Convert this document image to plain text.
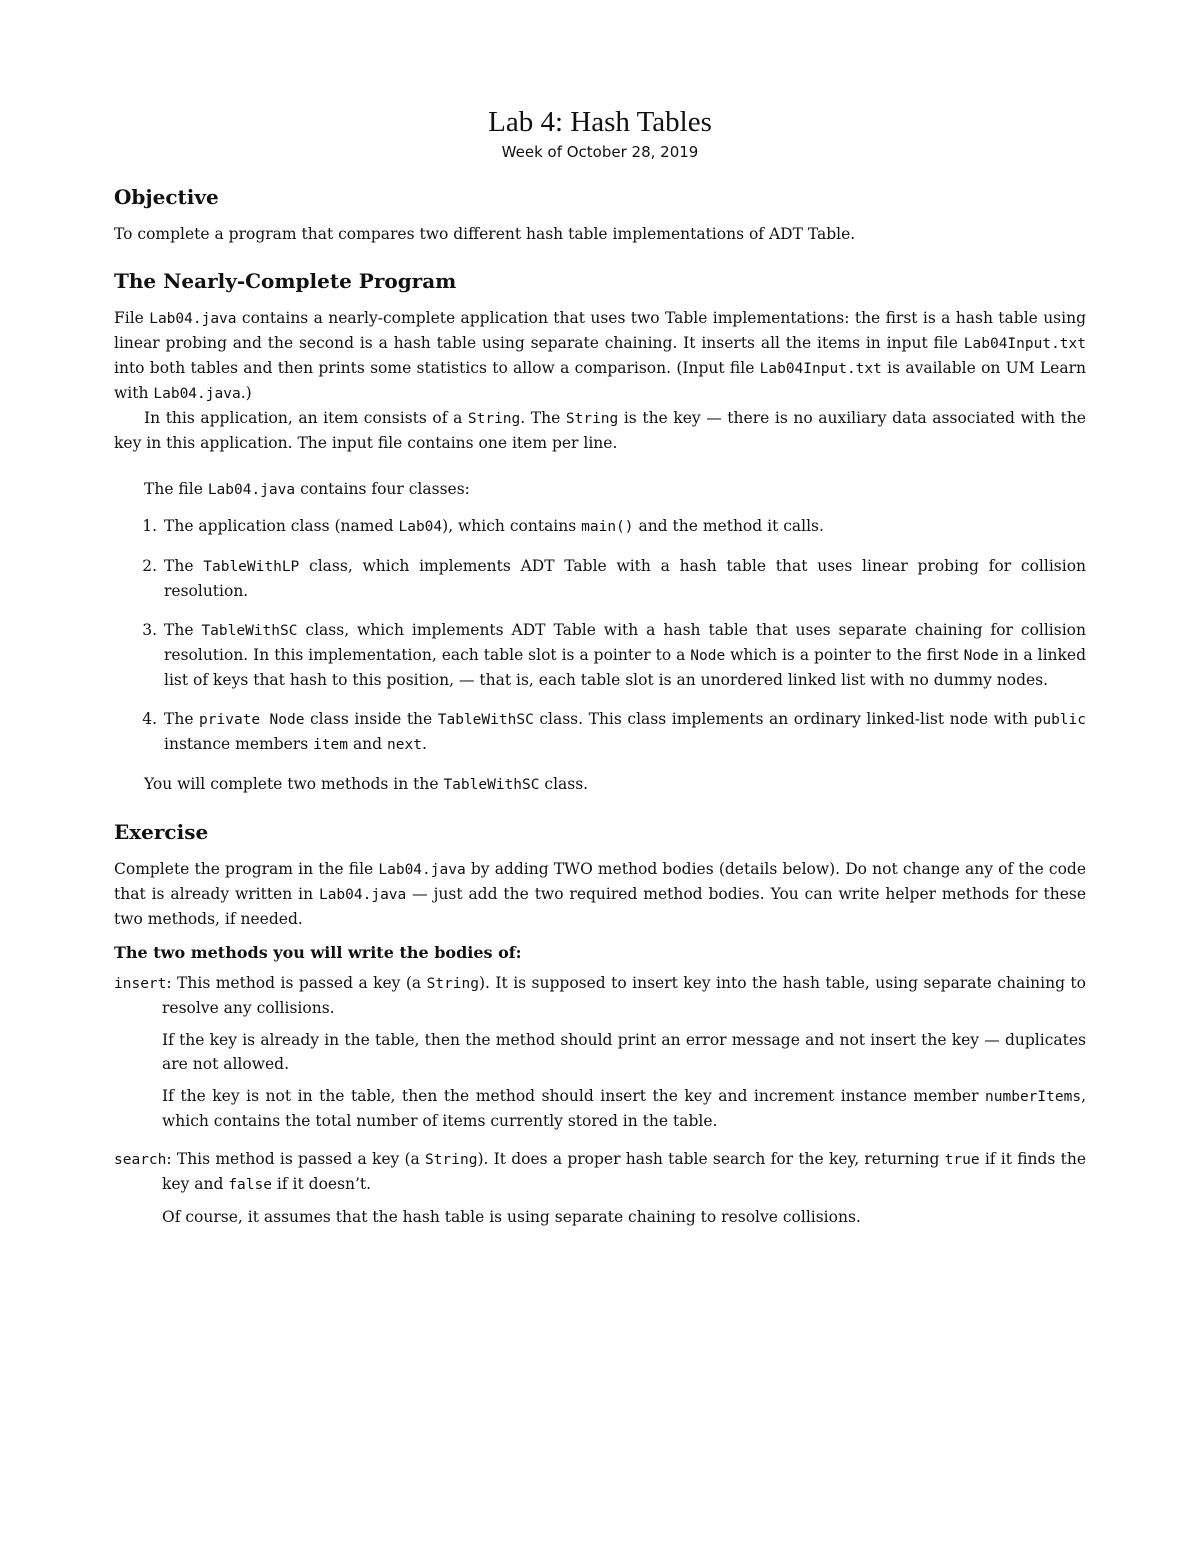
Lab 4: Hash Tables
Week of October 28, 2019
Objective

To complete a program that compares two different hash table implementations of ADT Table.

The Nearly-Complete Program

File Lab04.java contains a nearly-complete application that uses two Table implementations: the first is a hash table using linear probing and the second is a hash table using separate chaining. It inserts all the items in input file Lab04Input.txt into both tables and then prints some statistics to allow a comparison. (Input file Lab04Input.txt is available on UM Learn with Lab04.java.)

In this application, an item consists of a String. The String is the key — there is no auxiliary data associated with the key in this application. The input file contains one item per line.

The file Lab04.java contains four classes:

1. The application class (named Lab04), which contains main() and the method it calls.
2. The TableWithLP class, which implements ADT Table with a hash table that uses linear probing for collision resolution.
3. The TableWithSC class, which implements ADT Table with a hash table that uses separate chaining for collision resolution. In this implementation, each table slot is a pointer to a Node which is a pointer to the first Node in a linked list of keys that hash to this position, — that is, each table slot is an unordered linked list with no dummy nodes.
4. The private Node class inside the TableWithSC class. This class implements an ordinary linked-list node with public instance members item and next.

You will complete two methods in the TableWithSC class.

Exercise

Complete the program in the file Lab04.java by adding TWO method bodies (details below). Do not change any of the code that is already written in Lab04.java — just add the two required method bodies. You can write helper methods for these two methods, if needed.

The two methods you will write the bodies of:

insert: This method is passed a key (a String). It is supposed to insert key into the hash table, using separate chaining to resolve any collisions.

If the key is already in the table, then the method should print an error message and not insert the key — duplicates are not allowed.

If the key is not in the table, then the method should insert the key and increment instance member numberItems, which contains the total number of items currently stored in the table.

search: This method is passed a key (a String). It does a proper hash table search for the key, returning true if it finds the key and false if it doesn’t.

Of course, it assumes that the hash table is using separate chaining to resolve collisions.
